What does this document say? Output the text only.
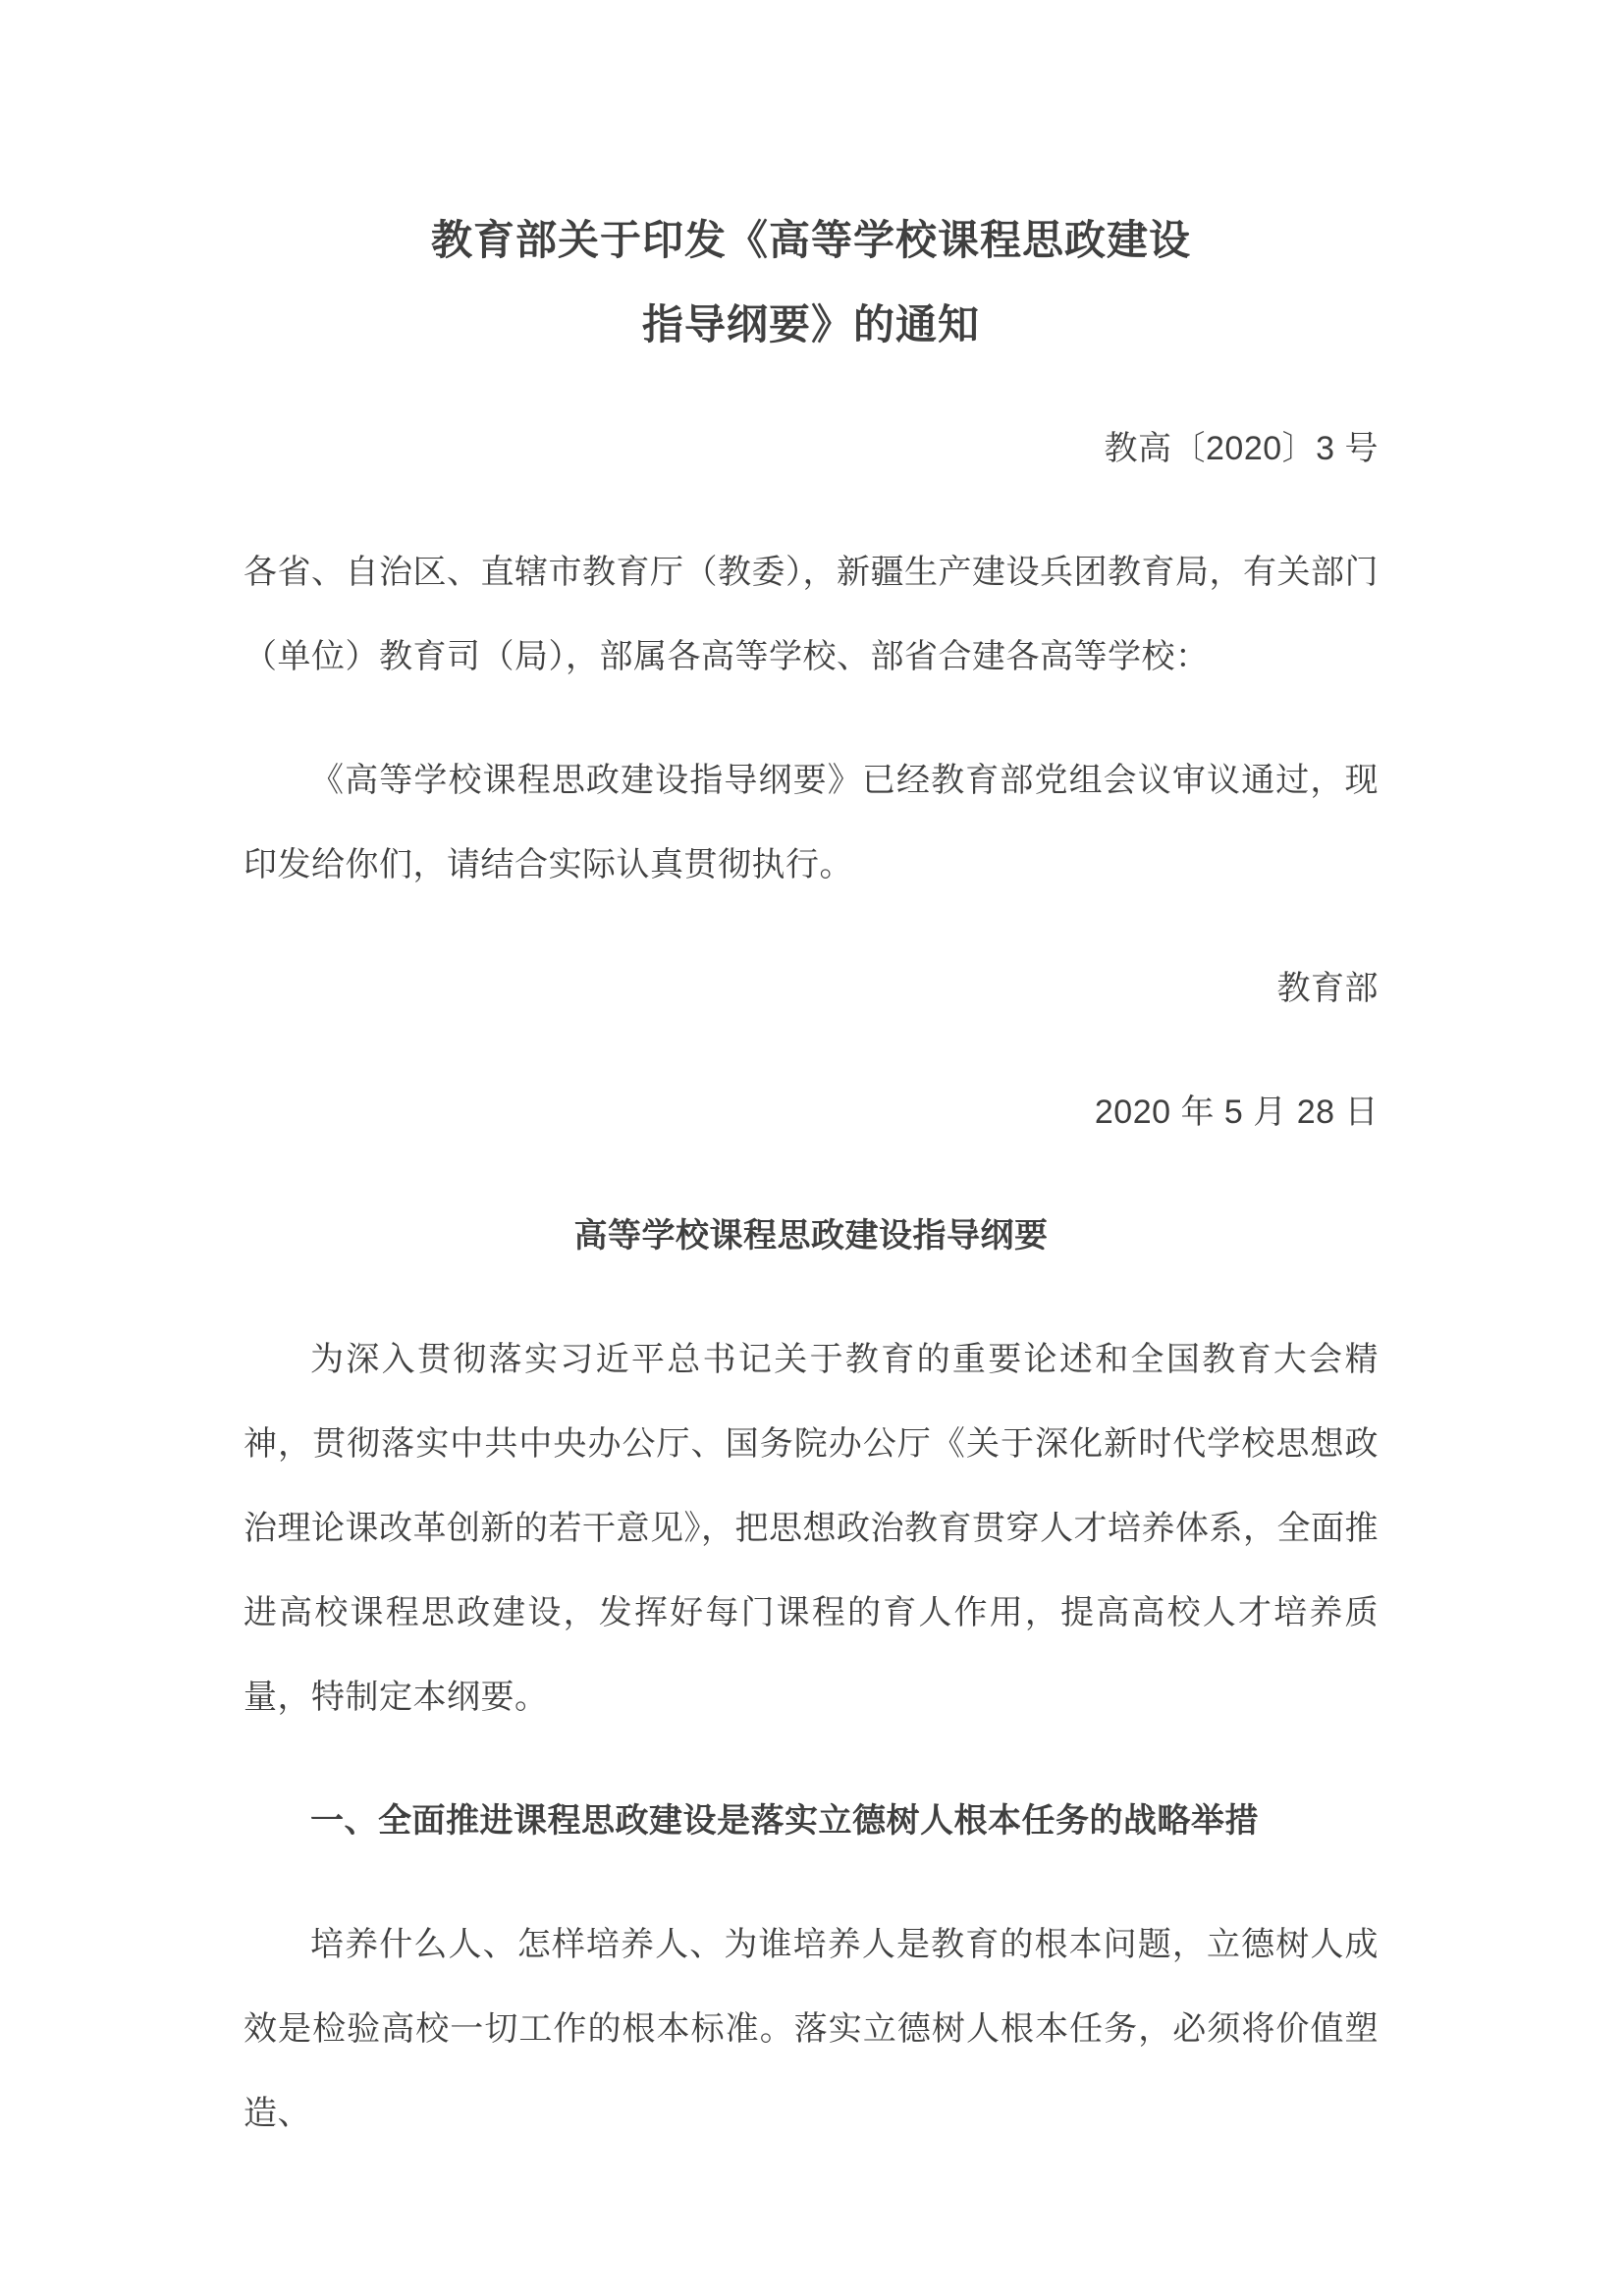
教育部关于印发《高等学校课程思政建设
指导纲要》的通知

教高〔2020〕3 号

各省、自治区、直辖市教育厅（教委），新疆生产建设兵团教育局，有关部门（单位）教育司（局），部属各高等学校、部省合建各高等学校：

《高等学校课程思政建设指导纲要》已经教育部党组会议审议通过，现印发给你们，请结合实际认真贯彻执行。

教育部

2020 年 5 月 28 日

高等学校课程思政建设指导纲要

为深入贯彻落实习近平总书记关于教育的重要论述和全国教育大会精神，贯彻落实中共中央办公厅、国务院办公厅《关于深化新时代学校思想政治理论课改革创新的若干意见》，把思想政治教育贯穿人才培养体系，全面推进高校课程思政建设，发挥好每门课程的育人作用，提高高校人才培养质量，特制定本纲要。

一、全面推进课程思政建设是落实立德树人根本任务的战略举措

培养什么人、怎样培养人、为谁培养人是教育的根本问题，立德树人成效是检验高校一切工作的根本标准。落实立德树人根本任务，必须将价值塑造、
